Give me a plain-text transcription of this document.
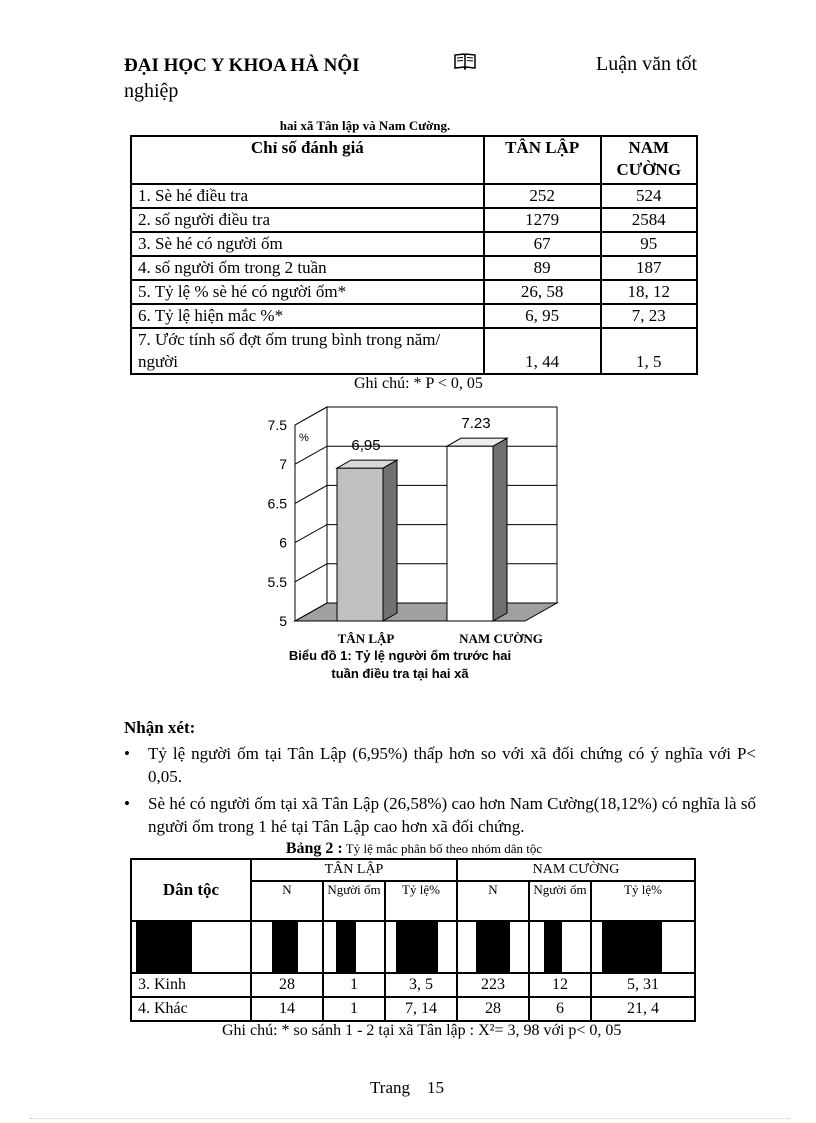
ĐẠI HỌC Y KHOA HÀ NỘI	Luận văn tốt
nghiệp
hai xã Tân lập và Nam Cường.
Chỉ số đánh giá	TÂN LẬP	NAM CƯỜNG
1. Sè hé điều tra	252	524
2. số người điều tra	1279	2584
3. Sè hé có người ốm	67	95
4. số người ốm trong 2 tuần	89	187
5. Tỷ lệ % sè hé có người ốm*	26, 58	18, 12
6. Tỷ lệ hiện mắc %*	6, 95	7, 23
7. Ước tính số đợt ốm trung bình trong năm/ người	1, 44	1, 5
Ghi chú: * P < 0, 05
5
5.5
6
6.5
7
7.5
%	6,95
TÂN LẬP
7.23
NAM CƯỜNG
Biểu đồ 1: Tỷ lệ người ốm trước hai
tuần điều tra tại hai xã
Nhận xét:
• Tỷ lệ người ốm tại Tân Lập (6,95%) thấp hơn so với xã đối chứng có ý nghĩa với P< 0,05.
• Sè hé có người ốm tại xã Tân Lập (26,58%) cao hơn Nam Cường(18,12%) có nghĩa là số người ốm trong 1 hé tại Tân Lập cao hơn xã đối chứng.
Bảng 2 : Tỷ lệ mắc phân bố theo nhóm dân tộc
Dân tộc	TÂN LẬP			NAM CƯỜNG		
	N	Người ốm	Tỷ lệ%	N	Người ốm	Tỷ lệ%

3. Kinh	28	1	3, 5	223	12	5, 31
4. Khác	14	1	7, 14	28	6	21, 4
Ghi chú: * so sánh 1 - 2 tại xã Tân lập : X²= 3, 98 với p< 0, 05
Trang 15
